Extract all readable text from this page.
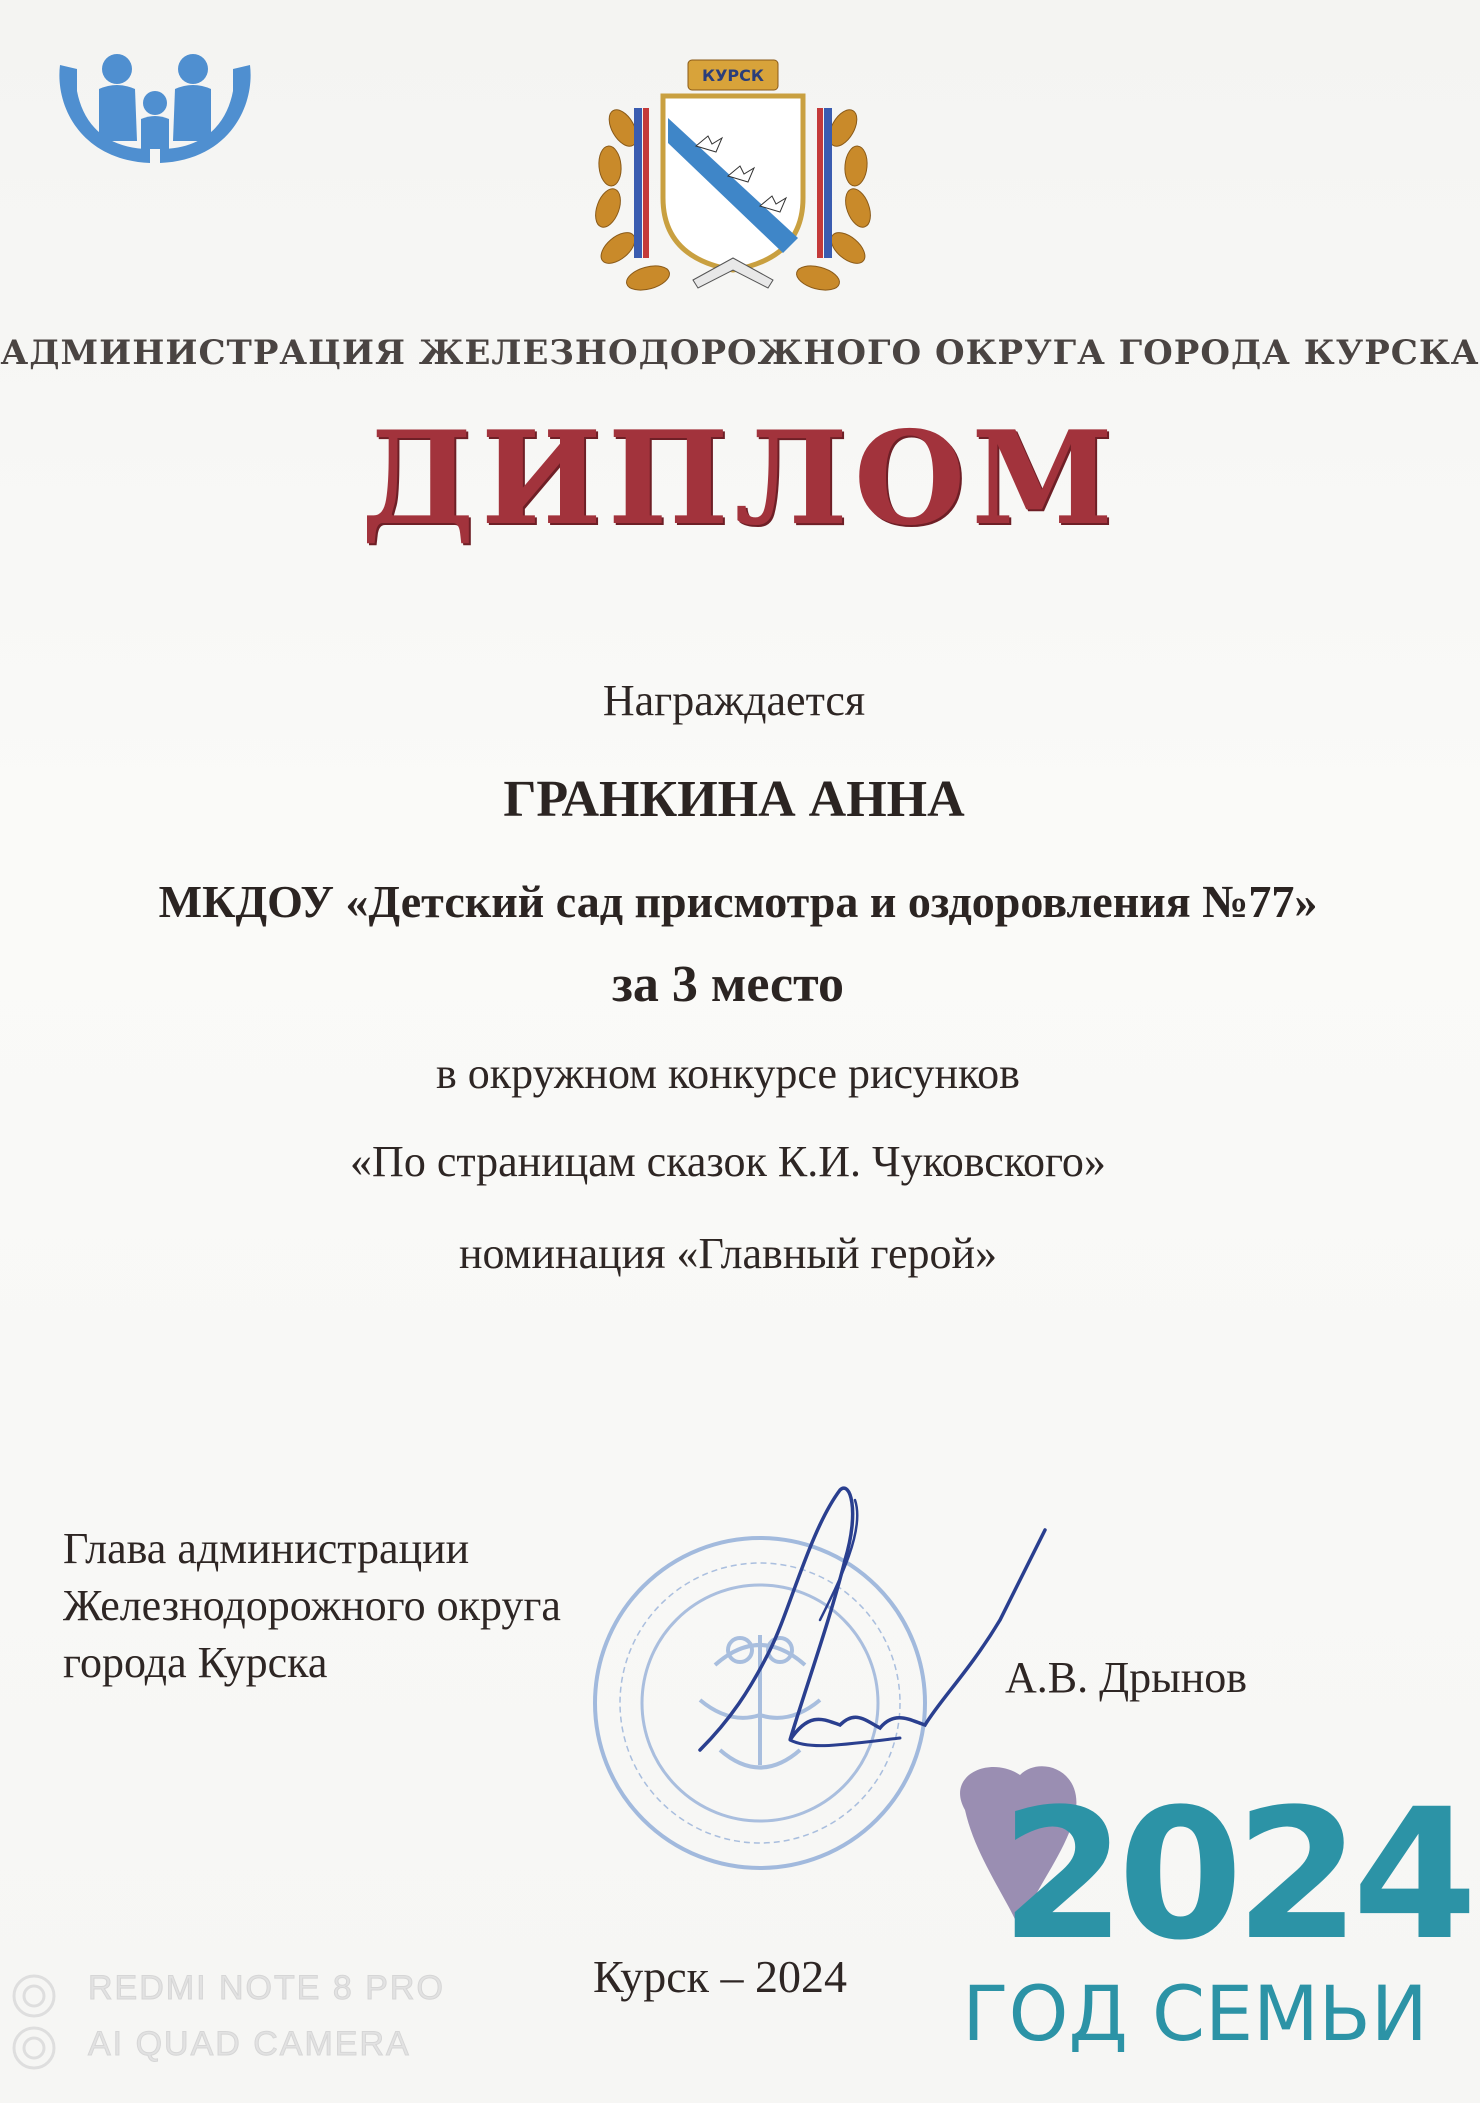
КУРСК
АДМИНИСТРАЦИЯ ЖЕЛЕЗНОДОРОЖНОГО ОКРУГА ГОРОДА КУРСКА
ДИПЛОМ
Награждается
ГРАНКИНА АННА
МКДОУ «Детский сад присмотра и оздоровления №77»
за 3 место
в окружном конкурсе рисунков
«По страницам сказок К.И. Чуковского»
номинация «Главный герой»
Глава администрации
Железнодорожного округа
города Курска	А.В. Дрынов
2024
ГОД СЕМЬИ
Курск – 2024
REDMI NOTE 8 PRO
AI QUAD CAMERA
